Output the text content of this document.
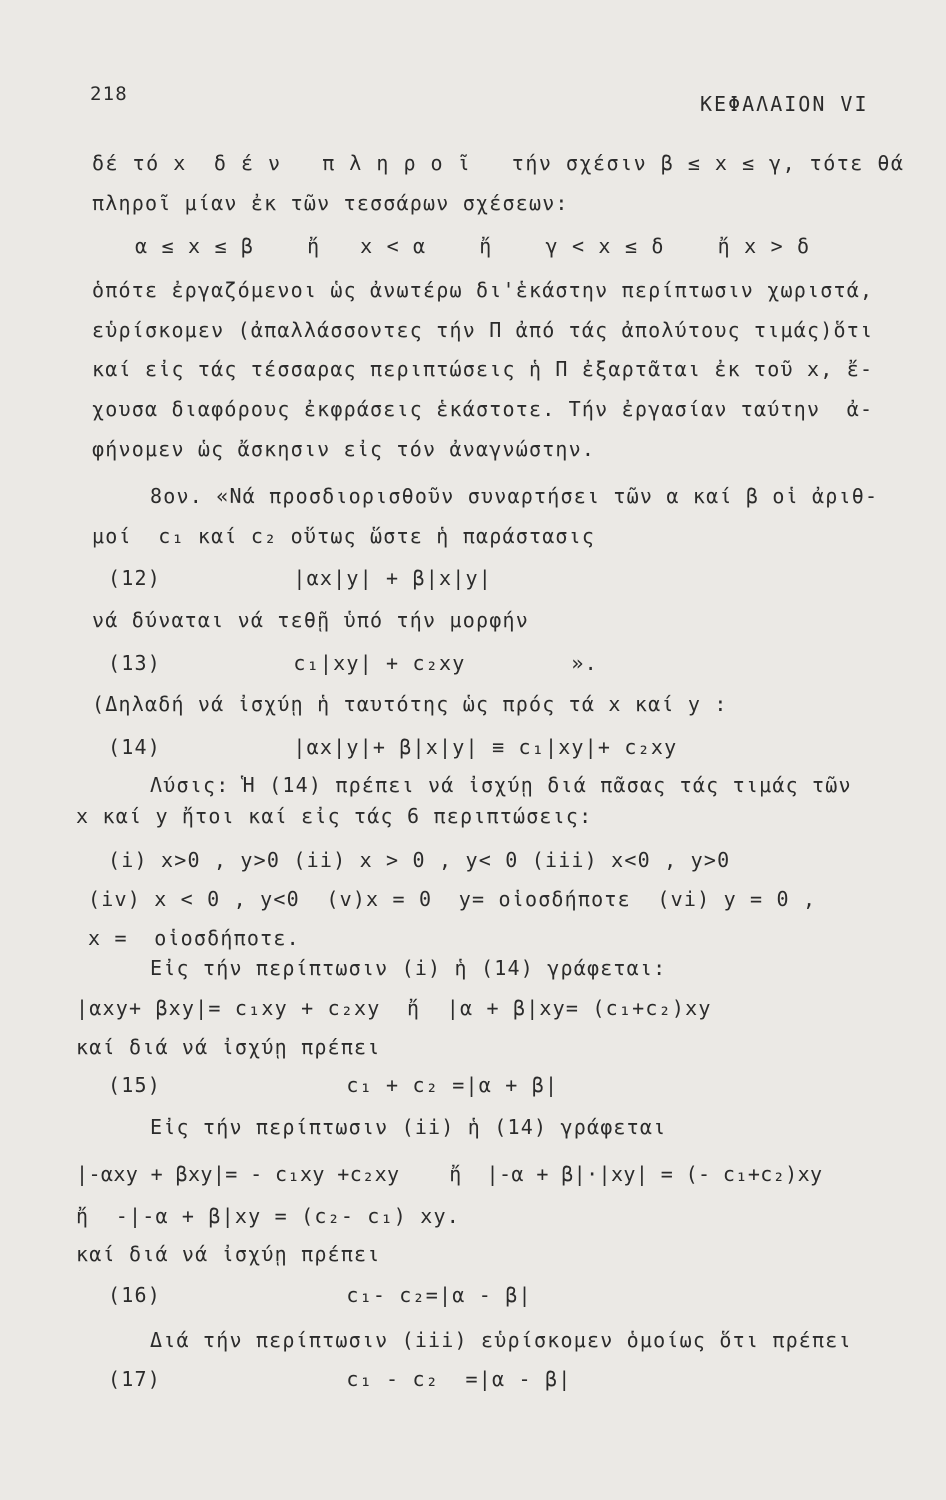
218	ΚΕΦΑΛΑΙΟΝ VI
δέ τό x  δ έ ν   π λ η ρ ο ῖ   τήν σχέσιν β ≤ x ≤ γ, τότε θά
πληροῖ μίαν ἐκ τῶν τεσσάρων σχέσεων:
α ≤ x ≤ β    ἤ   x < α    ἤ    γ < x ≤ δ    ἤ x > δ
ὁπότε ἐργαζόμενοι ὡς ἀνωτέρω δι'ἑκάστην περίπτωσιν χωριστά,
εὑρίσκομεν (ἀπαλλάσσοντες τήν Π ἀπό τάς ἀπολύτους τιμάς)ὅτι
καί εἰς τάς τέσσαρας περιπτώσεις ἡ Π ἐξαρτᾶται ἐκ τοῦ x, ἔ-
χουσα διαφόρους ἐκφράσεις ἑκάστοτε. Τήν ἐργασίαν ταύτην  ἀ-
φήνομεν ὡς ἄσκησιν εἰς τόν ἀναγνώστην.
8ον. «Νά προσδιορισθοῦν συναρτήσει τῶν α καί β οἱ ἀριθ-
μοί  c₁ καί c₂ οὕτως ὥστε ἡ παράστασις
(12)          |αx|y| + β|x|y|
νά δύναται νά τεθῇ ὑπό τήν μορφήν
(13)          c₁|xy| + c₂xy        ».
(Δηλαδή νά ἰσχύῃ ἡ ταυτότης ὡς πρός τά x καί y :
(14)          |αx|y|+ β|x|y| ≡ c₁|xy|+ c₂xy
Λύσις: Ἡ (14) πρέπει νά ἰσχύῃ διά πᾶσας τάς τιμάς τῶν
x καί y ἤτοι καί εἰς τάς 6 περιπτώσεις:
(i) x>0 , y>0 (ii) x > 0 , y< 0 (iii) x<0 , y>0
(iv) x < 0 , y<0  (v)x = 0  y= οἱοσδήποτε  (vi) y = 0 ,
x =  οἱοσδήποτε.
Εἰς τήν περίπτωσιν (i) ἡ (14) γράφεται:
|αxy+ βxy|= c₁xy + c₂xy  ἤ  |α + β|xy= (c₁+c₂)xy
καί διά νά ἰσχύῃ πρέπει
(15)              c₁ + c₂ =|α + β|
Εἰς τήν περίπτωσιν (ii) ἡ (14) γράφεται
|-αxy + βxy|= - c₁xy +c₂xy    ἤ  |-α + β|·|xy| = (- c₁+c₂)xy
ἤ  -|-α + β|xy = (c₂- c₁) xy.
καί διά νά ἰσχύῃ πρέπει
(16)              c₁- c₂=|α - β|
Διά τήν περίπτωσιν (iii) εὑρίσκομεν ὁμοίως ὅτι πρέπει
(17)              c₁ - c₂  =|α - β|
